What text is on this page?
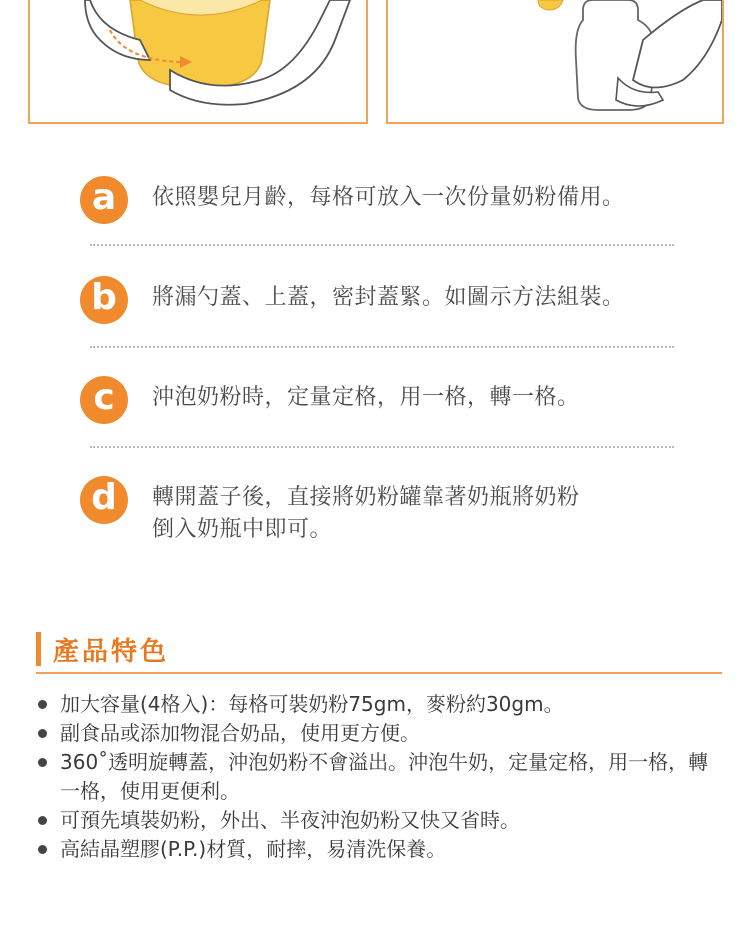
a	依照嬰兒月齡，每格可放入一次份量奶粉備用。
b	將漏勺蓋、上蓋，密封蓋緊。如圖示方法組裝。
c	沖泡奶粉時，定量定格，用一格，轉一格。
d	轉開蓋子後，直接將奶粉罐靠著奶瓶將奶粉
倒入奶瓶中即可。
產品特色
加大容量(4格入)：每格可裝奶粉75gm，麥粉約30gm。
副食品或添加物混合奶品，使用更方便。
360˚透明旋轉蓋，沖泡奶粉不會溢出。沖泡牛奶，定量定格，用一格，轉一格，使用更便利。
可預先填裝奶粉，外出、半夜沖泡奶粉又快又省時。
高結晶塑膠(P.P.)材質，耐摔，易清洗保養。
